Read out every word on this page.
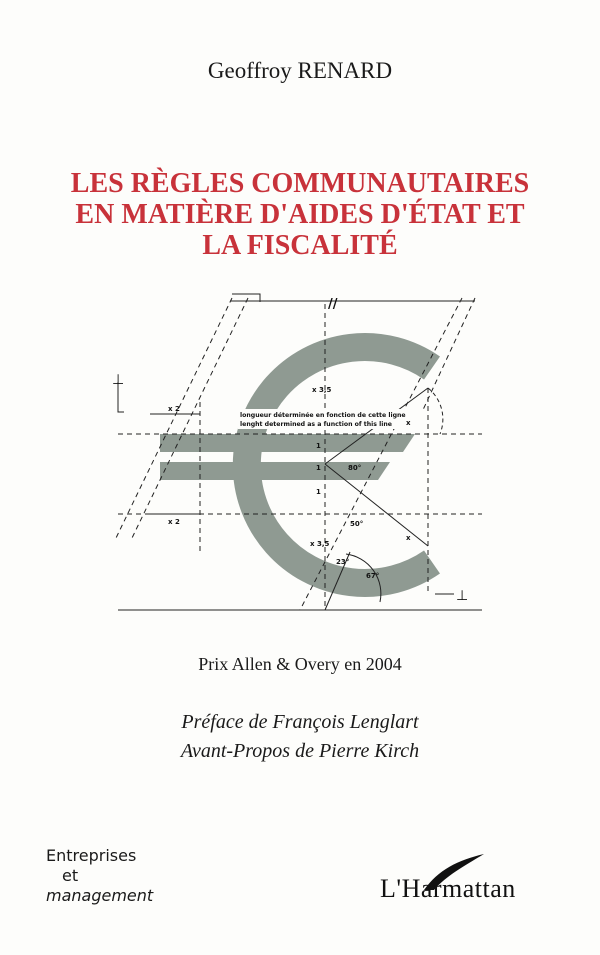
Geoffroy RENARD
LES RÈGLES COMMUNAUTAIRES
EN MATIÈRE D'AIDES D'ÉTAT ET
LA FISCALITÉ
longueur déterminée en fonction de cette ligne
lenght determined as a function of this line
x 3,5
x 3,5
x 2
x 2
x
x
1
1
1
80°
50°
23°
67°
//
⊥
⊥
Prix Allen & Overy en 2004
Préface de François Lenglart
Avant-Propos de Pierre Kirch
Entreprises
et
management	L'Harmattan
